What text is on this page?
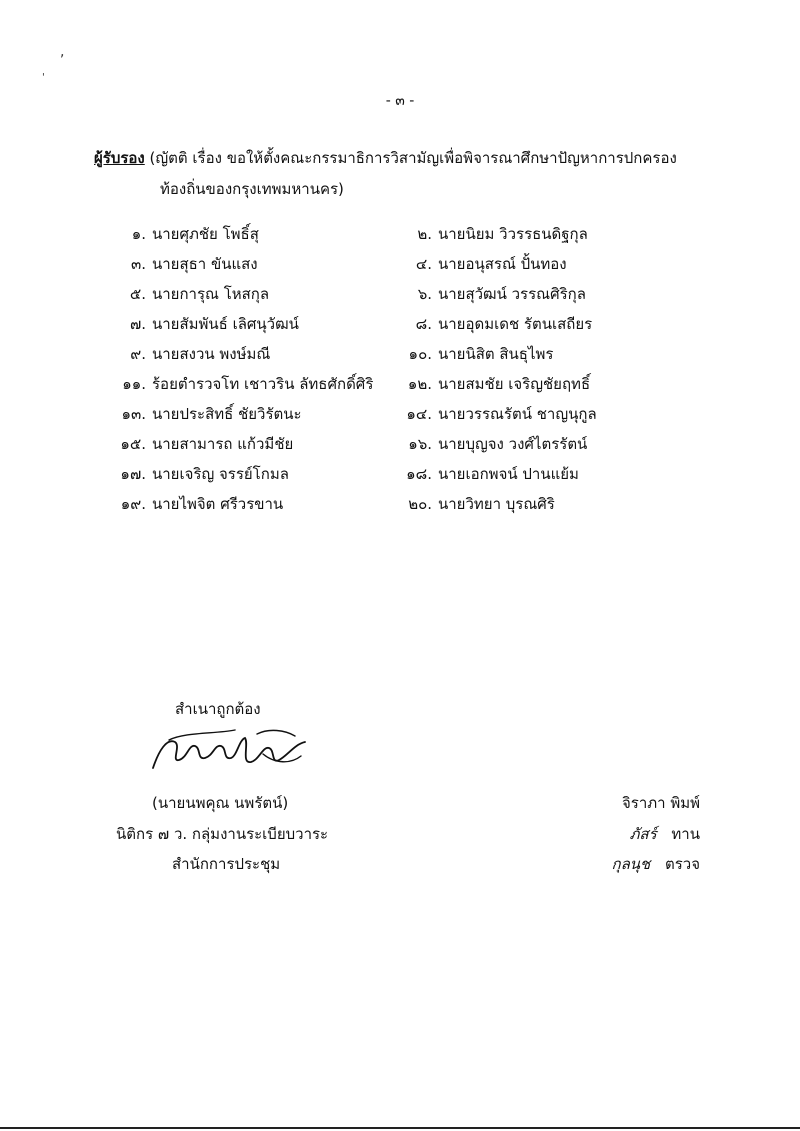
,
'
- ๓ -
ผู้รับรอง (ญัตติ เรื่อง ขอให้ตั้งคณะกรรมาธิการวิสามัญเพื่อพิจารณาศึกษาปัญหาการปกครอง
ท้องถิ่นของกรุงเทพมหานคร)
๑. นายศุภชัย โพธิ์สุ	๒. นายนิยม วิวรรธนดิฐกุล
๓. นายสุธา ขันแสง	๔. นายอนุสรณ์ ปั้นทอง
๕. นายการุณ โหสกุล	๖. นายสุวัฒน์ วรรณศิริกุล
๗. นายสัมพันธ์ เลิศนุวัฒน์	๘. นายอุดมเดช รัตนเสถียร
๙. นายสงวน พงษ์มณี	๑๐. นายนิสิต สินธุไพร
๑๑. ร้อยตำรวจโท เชาวริน ลัทธศักดิ์ศิริ ๑๒. นายสมชัย เจริญชัยฤทธิ์
๑๓. นายประสิทธิ์ ชัยวิรัตนะ	๑๔. นายวรรณรัตน์ ชาญนุกูล
๑๕. นายสามารถ แก้วมีชัย	๑๖. นายบุญจง วงศ์ไตรรัตน์
๑๗. นายเจริญ จรรย์โกมล	๑๘. นายเอกพจน์ ปานแย้ม
๑๙. นายไพจิต ศรีวรขาน	๒๐. นายวิทยา บุรณศิริ
สำเนาถูกต้อง
(นายนพคุณ นพรัตน์)
นิติกร ๗ ว. กลุ่มงานระเบียบวาระ
สำนักการประชุม
จิราภา พิมพ์
ภัสร์ ทาน
กุลนุช ตรวจ
